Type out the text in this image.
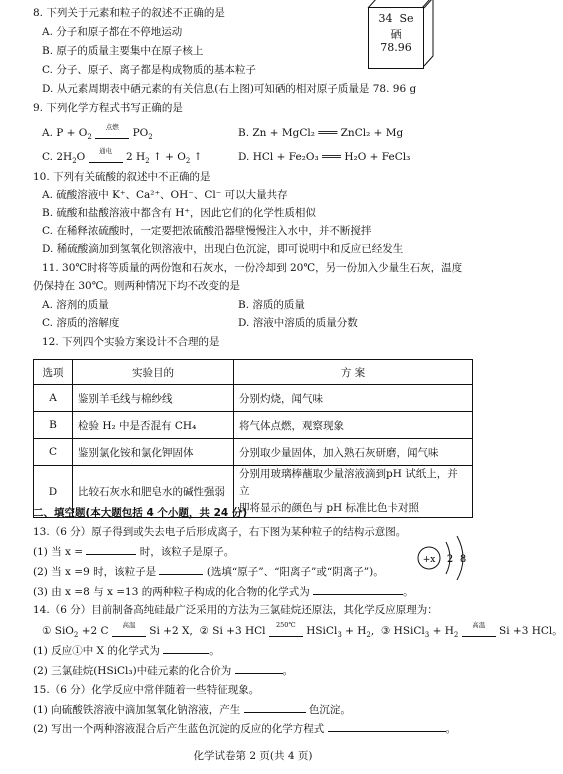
8. 下列关于元素和粒子的叙述不正确的是
A. 分子和原子都在不停地运动
B. 原子的质量主要集中在原子核上
C. 分子、原子、离子都是构成物质的基本粒子
D. 从元素周期表中硒元素的有关信息(右上图)可知硒的相对原子质量是 78. 96 g
34 Se
硒
78.96
9. 下列化学方程式书写正确的是
A. $P + O_2$
点燃	$PO_2$	B. Zn + MgCl₂ ═══ ZnCl₂ + Mg
C. $2H_2O$	通电	2 $H_2$ ↑ + $O_2$ ↑	D. HCl + Fe₂O₃ ═══ H₂O + FeCl₃
10. 下列有关硫酸的叙述中不正确的是
A. 硫酸溶液中 K⁺、Ca²⁺、OH⁻、Cl⁻ 可以大量共存
B. 硫酸和盐酸溶液中都含有 H⁺，因此它们的化学性质相似
C. 在稀释浓硫酸时，一定要把浓硫酸沿器壁慢慢注入水中，并不断搅拌
D. 稀硫酸滴加到氢氧化钡溶液中，出现白色沉淀，即可说明中和反应已经发生
11. 30℃时将等质量的两份饱和石灰水，一份冷却到 20℃，另一份加入少量生石灰，温度
仍保持在 30℃。则两种情况下均不改变的是
A. 溶剂的质量	B. 溶质的质量
C. 溶质的溶解度	D. 溶液中溶质的质量分数
12. 下列四个实验方案设计不合理的是
选项	实验目的	方 案
A	鉴别羊毛线与棉纱线	分别灼烧，闻气味
B	检验 H₂ 中是否混有 CH₄	将气体点燃，观察现象
C	鉴别氯化铵和氯化钾固体	分别取少量固体，加入熟石灰研磨，闻气味
D	比较石灰水和肥皂水的碱性强弱	分别用玻璃棒蘸取少量溶液滴到pH 试纸上，并立
即将显示的颜色与 pH 标准比色卡对照
二、填空题(本大题包括 4 个小题，共 24 分)
13.（6 分）原子得到或失去电子后形成离子，右下图为某种粒子的结构示意图。
(1) 当 x =	时，该粒子是原子。
(2) 当 x =9 时，该粒子是	(选填“原子”、“阳离子”或“阴离子”)。
(3) 由 x =8 与 x =13 的两种粒子构成的化合物的化学式为	。
+x 2 8
14.（6 分）目前制备高纯硅最广泛采用的方法为三氯硅烷还原法，其化学反应原理为：
① SiO$_2$ +2 C	高温	Si +2 X, ② Si +3 HCl	250℃	HSiCl$_3$ + $H_2$,  ③ HSiCl$_3$ + $H_2$
高温	Si +3 HCl。
(1) 反应①中 X 的化学式为	。
(2) 三氯硅烷(HSiCl₃)中硅元素的化合价为	。
15.（6 分）化学反应中常伴随着一些特征现象。
(1) 向硫酸铁溶液中滴加氢氧化钠溶液，产生	色沉淀。
(2) 写出一个两种溶液混合后产生蓝色沉淀的反应的化学方程式	。
化学试卷第 2 页(共 4 页)
